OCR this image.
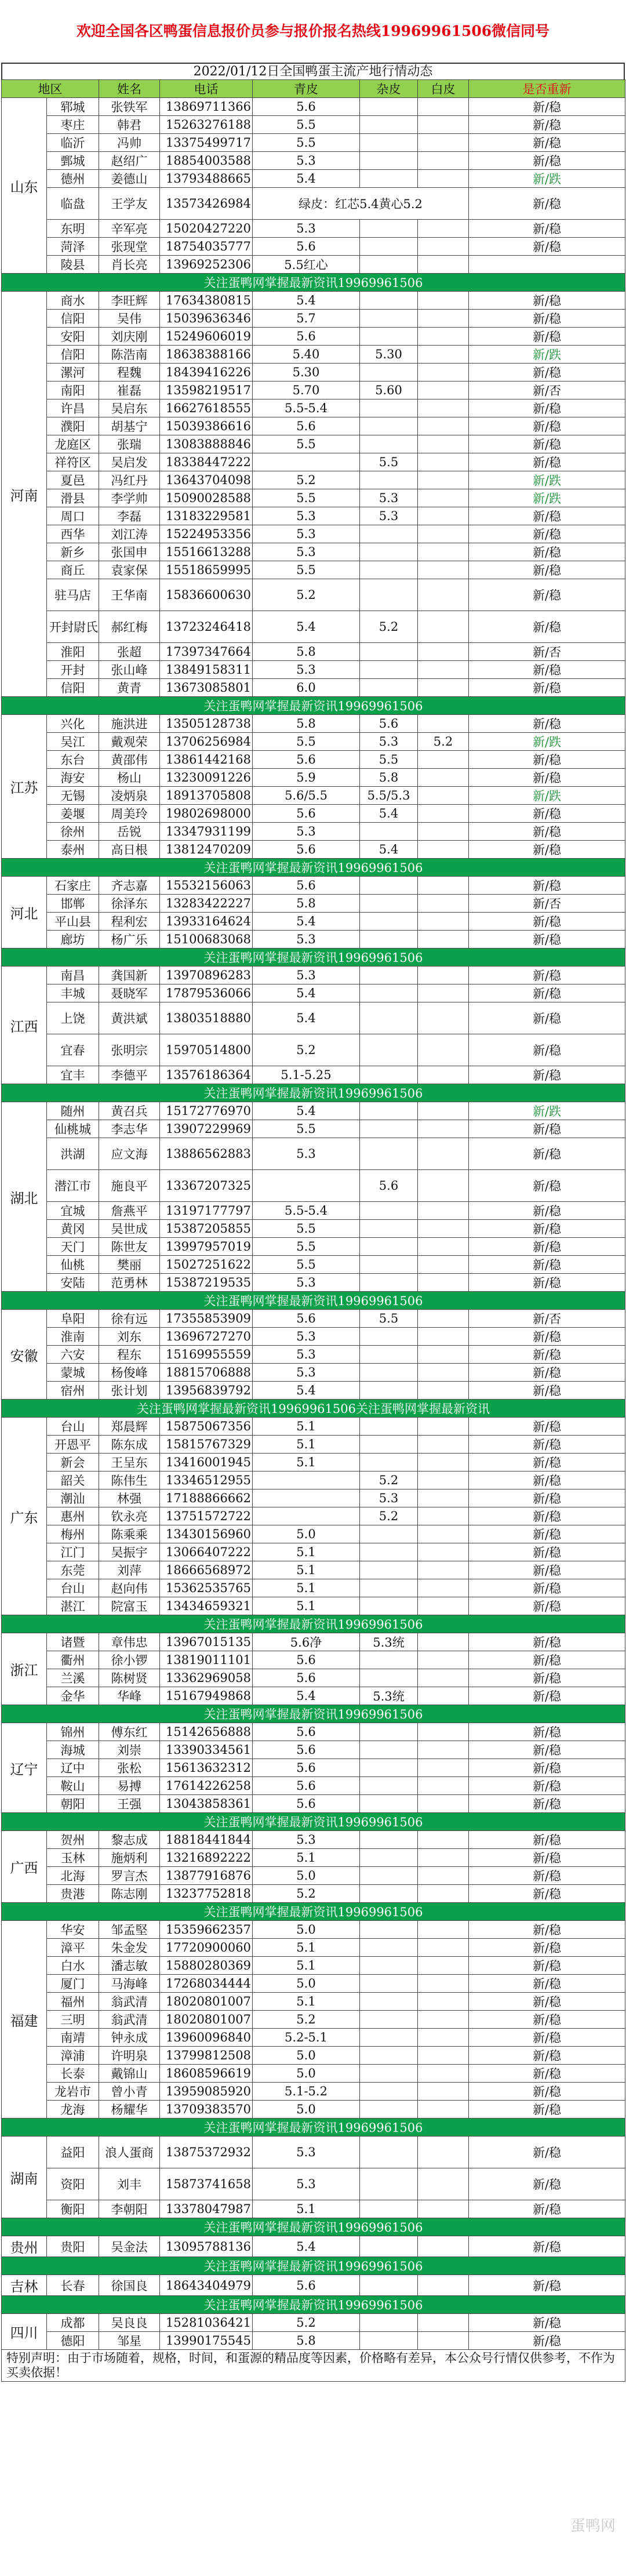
欢迎全国各区鸭蛋信息报价员参与报价报名热线19969961506微信同号
2022/01/12日全国鸭蛋主流产地行情动态
地区		姓名	电话	青皮	杂皮	白皮	是否重新
山东	郓城	张铁军	13869711366	5.6			新/稳
	枣庄	韩君	15263276188	5.5			新/稳
	临沂	冯帅	13375499717	5.5			新/稳
	鄄城	赵绍广	18854003588	5.3			新/稳
	德州	姜德山	13793488665	5.4			新/跌
	临盘	王学友	13573426984	绿皮：红芯5.4黄心5.2			新/稳
	东明	辛军亮	15020427220	5.3			新/稳
	菏泽	张现堂	18754035777	5.6			新/稳
	陵县	肖长亮	13969252306	5.5红心			
关注蛋鸭网掌握最新资讯19969961506							
河南	商水	李旺辉	17634380815	5.4			新/稳
	信阳	吴伟	15039636346	5.7			新/稳
	安阳	刘庆刚	15249606019	5.6			新/稳
	信阳	陈浩南	18638388166	5.40	5.30		新/跌
	漯河	程魏	18439416226	5.30			新/稳
	南阳	崔磊	13598219517	5.70	5.60		新/否
	许昌	吴启东	16627618555	5.5-5.4			新/稳
	濮阳	胡基宁	15039386616	5.6			新/稳
	龙庭区	张瑞	13083888846	5.5			新/稳
	祥符区	吴启发	18338447222		5.5		新/稳
	夏邑	冯红丹	13643704098	5.2			新/跌
	滑县	李学帅	15090028588	5.5	5.3		新/跌
	周口	李磊	13183229581	5.3	5.3		新/稳
	西华	刘江涛	15224953356	5.3			新/稳
	新乡	张国申	15516613288	5.3			新/稳
	商丘	袁家保	15518659995	5.5			新/稳
	驻马店	王华南	15836600630	5.2			新/稳
	开封尉氏	郝红梅	13723246418	5.4	5.2		新/稳
	淮阳	张超	17397347664	5.8			新/否
	开封	张山峰	13849158311	5.3			新/稳
	信阳	黄青	13673085801	6.0			新/稳
关注蛋鸭网掌握最新资讯19969961506							
江苏	兴化	施洪进	13505128738	5.8	5.6		新/稳
	吴江	戴观荣	13706256984	5.5	5.3	5.2	新/跌
	东台	黄邵伟	13861442168	5.6	5.5		新/稳
	海安	杨山	13230091226	5.9	5.8		新/稳
	无锡	凌炳泉	18913705808	5.6/5.5	5.5/5.3		新/跌
	姜堰	周美玲	19802698000	5.6	5.4		新/稳
	徐州	岳锐	13347931199	5.3			新/稳
	泰州	高日根	13812470209	5.6	5.4		新/稳
关注蛋鸭网掌握最新资讯19969961506							
河北	石家庄	齐志嘉	15532156063	5.6			新/稳
	邯郸	徐泽东	13283422227	5.8			新/否
	平山县	程利宏	13933164624	5.4			新/稳
	廊坊	杨广乐	15100683068	5.3			新/稳
关注蛋鸭网掌握最新资讯19969961506							
江西	南昌	龚国新	13970896283	5.3			新/稳
	丰城	聂晓军	17879536066	5.4			新/稳
	上饶	黄洪斌	13803518880	5.4			新/稳
	宜春	张明宗	15970514800	5.2			新/稳
	宜丰	李德平	13576186364	5.1-5.25			新/稳
关注蛋鸭网掌握最新资讯19969961506							
湖北	随州	黄召兵	15172776970	5.4			新/跌
	仙桃城	李志华	13907229969	5.5			新/稳
	洪湖	应文海	13886562883	5.3			新/稳
	潜江市	施良平	13367207325		5.6		新/稳
	宜城	詹燕平	13197177797	5.5-5.4			新/稳
	黄冈	吴世成	15387205855	5.5			新/稳
	天门	陈世友	13997957019	5.5			新/稳
	仙桃	樊丽	15027251622	5.5			新/稳
	安陆	范勇林	15387219535	5.3			新/稳
关注蛋鸭网掌握最新资讯19969961506							
安徽	阜阳	徐有远	17355853909	5.6	5.5		新/否
	淮南	刘东	13696727270	5.3			新/稳
	六安	程东	15169955559	5.3			新/稳
	蒙城	杨俊峰	18815706888	5.3			新/稳
	宿州	张计划	13956839792	5.4			新/稳
关注蛋鸭网掌握最新资讯19969961506关注蛋鸭网掌握最新资讯							
广东	台山	郑晨辉	15875067356	5.1			新/稳
	开恩平	陈东成	15815767329	5.1			新/稳
	新会	王呈东	13416001945	5.1			新/稳
	韶关	陈伟生	13346512955		5.2		新/稳
	潮汕	林强	17188866662		5.3		新/稳
	惠州	钦永亮	13751572722		5.2		新/稳
	梅州	陈乘乘	13430156960	5.0			新/稳
	江门	吴振宇	13066407222	5.1			新/稳
	东莞	刘萍	18666568972	5.1			新/稳
	台山	赵向伟	15362535765	5.1			新/稳
	湛江	院富玉	13434659321	5.1			新/稳
关注蛋鸭网掌握最新资讯19969961506							
浙江	诸暨	章伟忠	13967015135	5.6净	5.3统		新/稳
	衢州	徐小锣	13819011101	5.6			新/稳
	兰溪	陈树贤	13362969058	5.6			新/稳
	金华	华峰	15167949868	5.4	5.3统		新/稳
关注蛋鸭网掌握最新资讯19969961506							
辽宁	锦州	傅东红	15142656888	5.6			新/稳
	海城	刘崇	13390334561	5.6			新/稳
	辽中	张松	15613632312	5.6			新/稳
	鞍山	易搏	17614226258	5.6			新/稳
	朝阳	王强	13043858361	5.6			新/稳
关注蛋鸭网掌握最新资讯19969961506							
广西	贺州	黎志成	18818441844	5.3			新/稳
	玉林	施炳利	13216892222	5.1			新/稳
	北海	罗言杰	13877916876	5.0			新/稳
	贵港	陈志刚	13237752818	5.2			新/稳
关注蛋鸭网掌握最新资讯19969961506							
福建	华安	邹孟堅	15359662357	5.0			新/稳
	漳平	朱金发	17720900060	5.1			新/稳
	白水	潘志敏	15880280369	5.1			新/稳
	厦门	马海峰	17268034444	5.0			新/稳
	福州	翁武清	18020801007	5.1			新/稳
	三明	翁武清	18020801007	5.2			新/稳
	南靖	钟永成	13960096840	5.2-5.1			新/稳
	漳浦	许明泉	13799812508	5.0			新/稳
	长泰	戴锦山	18608596619	5.0			新/稳
	龙岩市	曾小青	13959085920	5.1-5.2			新/稳
	龙海	杨耀华	13709383570	5.0			新/稳
关注蛋鸭网掌握最新资讯19969961506							
湖南	益阳	浪人蛋商	13875372932	5.3			新/稳
	资阳	刘丰	15873741658	5.3			新/稳
	衡阳	李朝阳	13378047987	5.1			新/稳
关注蛋鸭网掌握最新资讯19969961506							
贵州	贵阳	吴金法	13095788136	5.4			新/稳
关注蛋鸭网掌握最新资讯19969961506							
吉林	长春	徐国良	18643404979	5.6			新/稳
关注蛋鸭网掌握最新资讯19969961506							
四川	成都	吴良良	15281036421	5.2			新/稳
	德阳	邹星	13990175545	5.8			新/稳
特别声明：由于市场随着，规格，时间，和蛋源的精品度等因素，价格略有差异，本公众号行情仅供参考，不作为买卖依据！							
蛋鸭网
